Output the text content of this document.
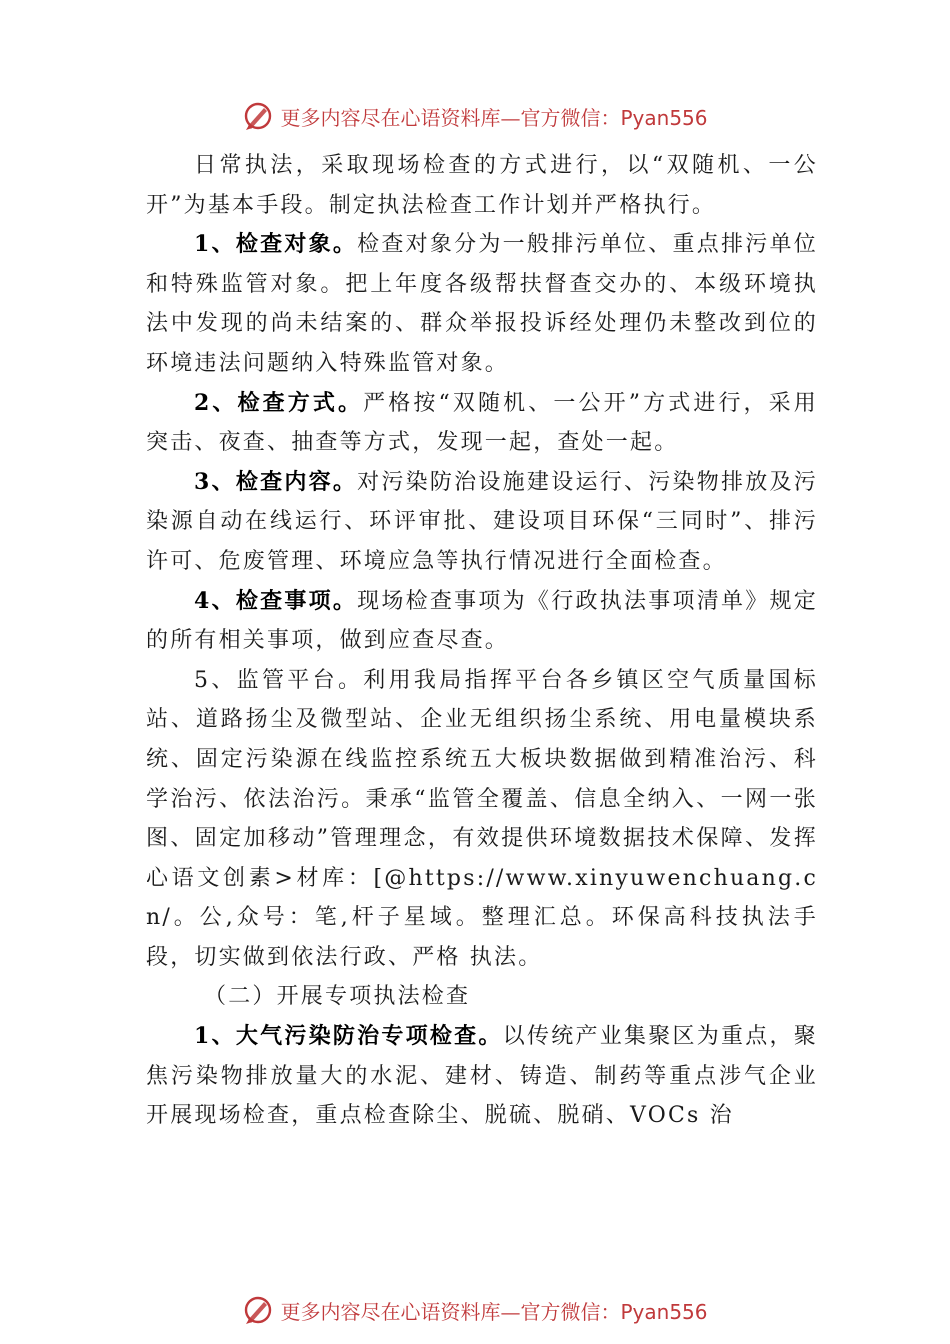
更多内容尽在心语资料库—官方微信：Pyan556

日常执法，采取现场检查的方式进行，以“双随机、一公开”为基本手段。制定执法检查工作计划并严格执行。

1、检查对象。检查对象分为一般排污单位、重点排污单位和特殊监管对象。把上年度各级帮扶督查交办的、本级环境执法中发现的尚未结案的、群众举报投诉经处理仍未整改到位的环境违法问题纳入特殊监管对象。

2、检查方式。严格按“双随机、一公开”方式进行，采用突击、夜查、抽查等方式，发现一起，查处一起。

3、检查内容。对污染防治设施建设运行、污染物排放及污染源自动在线运行、环评审批、建设项目环保“三同时”、排污许可、危废管理、环境应急等执行情况进行全面检查。

4、检查事项。现场检查事项为《行政执法事项清单》规定的所有相关事项，做到应查尽查。

5、监管平台。利用我局指挥平台各乡镇区空气质量国标站、道路扬尘及微型站、企业无组织扬尘系统、用电量模块系统、固定污染源在线监控系统五大板块数据做到精准治污、科学治污、依法治污。秉承“监管全覆盖、信息全纳入、一网一张图、固定加移动”管理理念，有效提供环境数据技术保障、发挥心语文创素>材库：[@https://www.xinyuwenchuang.cn/。公,众号：笔,杆子星域。整理汇总。环保高科技执法手段，切实做到依法行政、严格 执法。

（二）开展专项执法检查

1、大气污染防治专项检查。以传统产业集聚区为重点，聚焦污染物排放量大的水泥、建材、铸造、制药等重点涉气企业开展现场检查，重点检查除尘、脱硫、脱硝、VOCs 治

更多内容尽在心语资料库—官方微信：Pyan556
